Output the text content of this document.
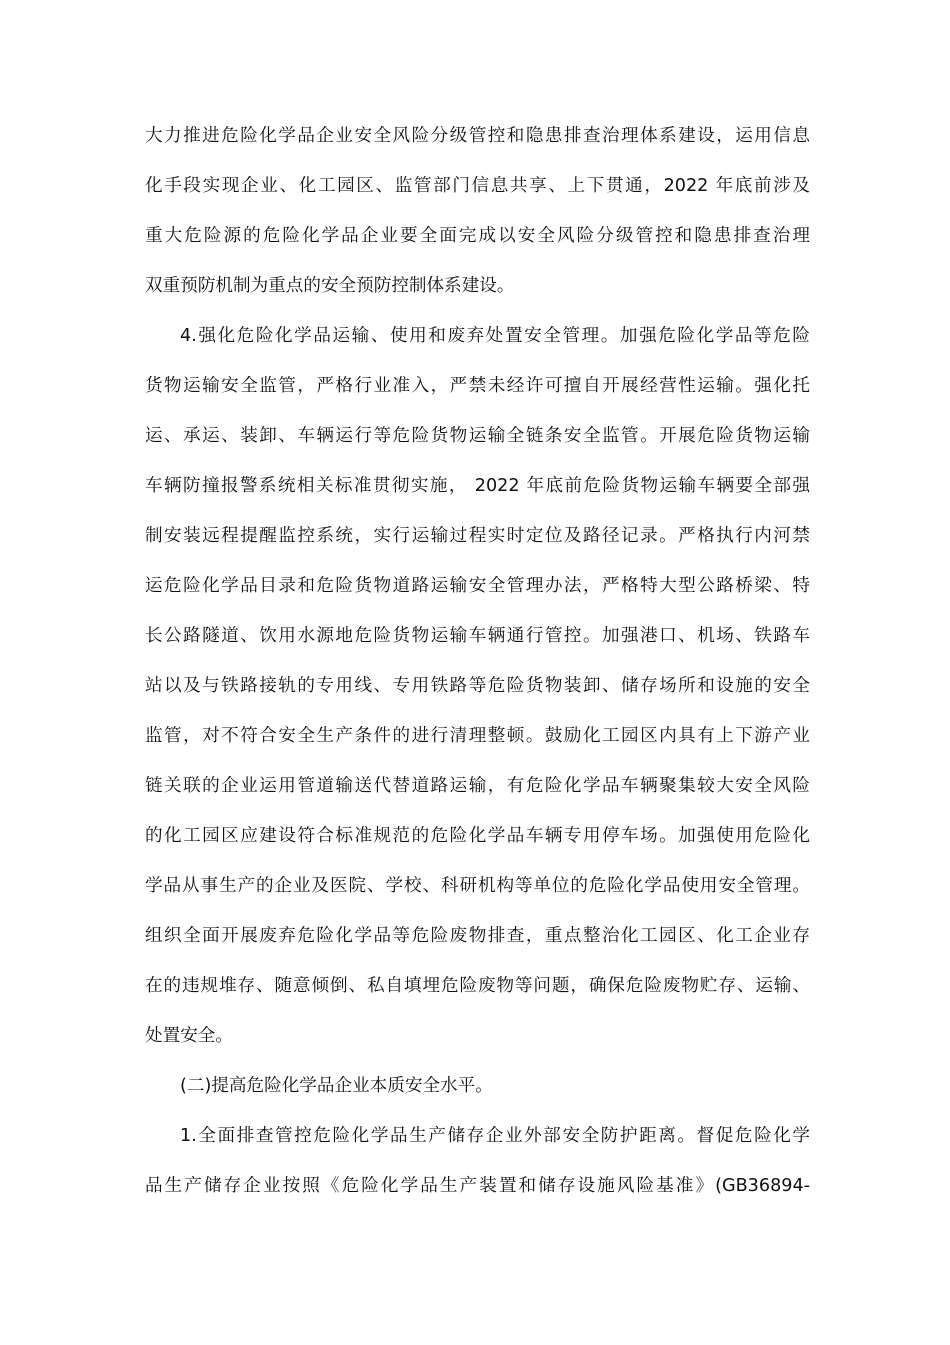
大力推进危险化学品企业安全风险分级管控和隐患排查治理体系建设，运用信息
化手段实现企业、化工园区、监管部门信息共享、上下贯通，2022 年底前涉及
重大危险源的危险化学品企业要全面完成以安全风险分级管控和隐患排查治理
双重预防机制为重点的安全预防控制体系建设。
4.强化危险化学品运输、使用和废弃处置安全管理。加强危险化学品等危险
货物运输安全监管，严格行业准入，严禁未经许可擅自开展经营性运输。强化托
运、承运、装卸、车辆运行等危险货物运输全链条安全监管。开展危险货物运输
车辆防撞报警系统相关标准贯彻实施， 2022 年底前危险货物运输车辆要全部强
制安装远程提醒监控系统，实行运输过程实时定位及路径记录。严格执行内河禁
运危险化学品目录和危险货物道路运输安全管理办法，严格特大型公路桥梁、特
长公路隧道、饮用水源地危险货物运输车辆通行管控。加强港口、机场、铁路车
站以及与铁路接轨的专用线、专用铁路等危险货物装卸、储存场所和设施的安全
监管，对不符合安全生产条件的进行清理整顿。鼓励化工园区内具有上下游产业
链关联的企业运用管道输送代替道路运输，有危险化学品车辆聚集较大安全风险
的化工园区应建设符合标准规范的危险化学品车辆专用停车场。加强使用危险化
学品从事生产的企业及医院、学校、科研机构等单位的危险化学品使用安全管理。
组织全面开展废弃危险化学品等危险废物排查，重点整治化工园区、化工企业存
在的违规堆存、随意倾倒、私自填埋危险废物等问题，确保危险废物贮存、运输、
处置安全。
(二)提高危险化学品企业本质安全水平。
1.全面排查管控危险化学品生产储存企业外部安全防护距离。督促危险化学
品生产储存企业按照《危险化学品生产装置和储存设施风险基准》(GB36894-
